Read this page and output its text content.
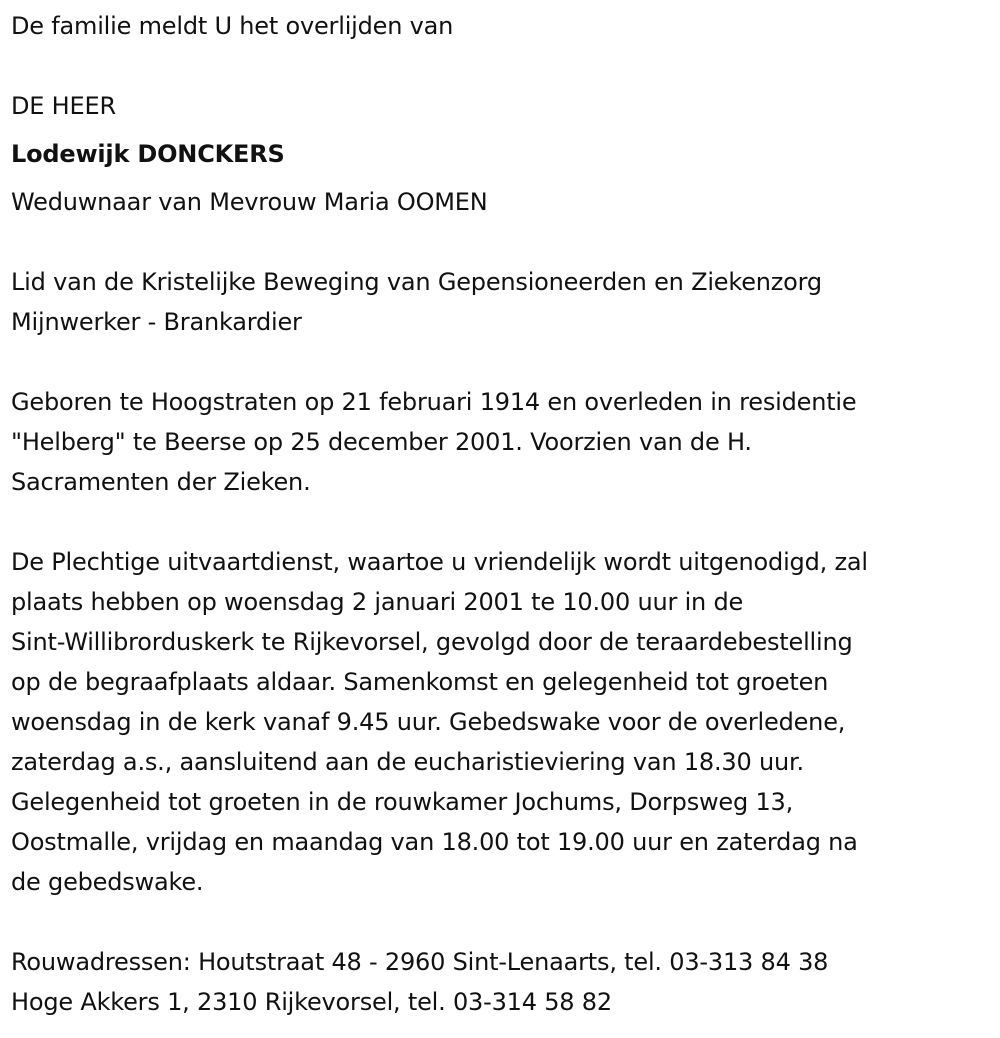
De familie meldt U het overlijden van
DE HEER
Lodewijk DONCKERS
Weduwnaar van Mevrouw Maria OOMEN
Lid van de Kristelijke Beweging van Gepensioneerden en Ziekenzorg
Mijnwerker - Brankardier
Geboren te Hoogstraten op 21 februari 1914 en overleden in residentie
"Helberg" te Beerse op 25 december 2001. Voorzien van de H.
Sacramenten der Zieken.
De Plechtige uitvaartdienst, waartoe u vriendelijk wordt uitgenodigd, zal
plaats hebben op woensdag 2 januari 2001 te 10.00 uur in de
Sint-Willibrorduskerk te Rijkevorsel, gevolgd door de teraardebestelling
op de begraafplaats aldaar. Samenkomst en gelegenheid tot groeten
woensdag in de kerk vanaf 9.45 uur. Gebedswake voor de overledene,
zaterdag a.s., aansluitend aan de eucharistieviering van 18.30 uur.
Gelegenheid tot groeten in de rouwkamer Jochums, Dorpsweg 13,
Oostmalle, vrijdag en maandag van 18.00 tot 19.00 uur en zaterdag na
de gebedswake.
Rouwadressen: Houtstraat 48 - 2960 Sint-Lenaarts, tel. 03-313 84 38
Hoge Akkers 1, 2310 Rijkevorsel, tel. 03-314 58 82
